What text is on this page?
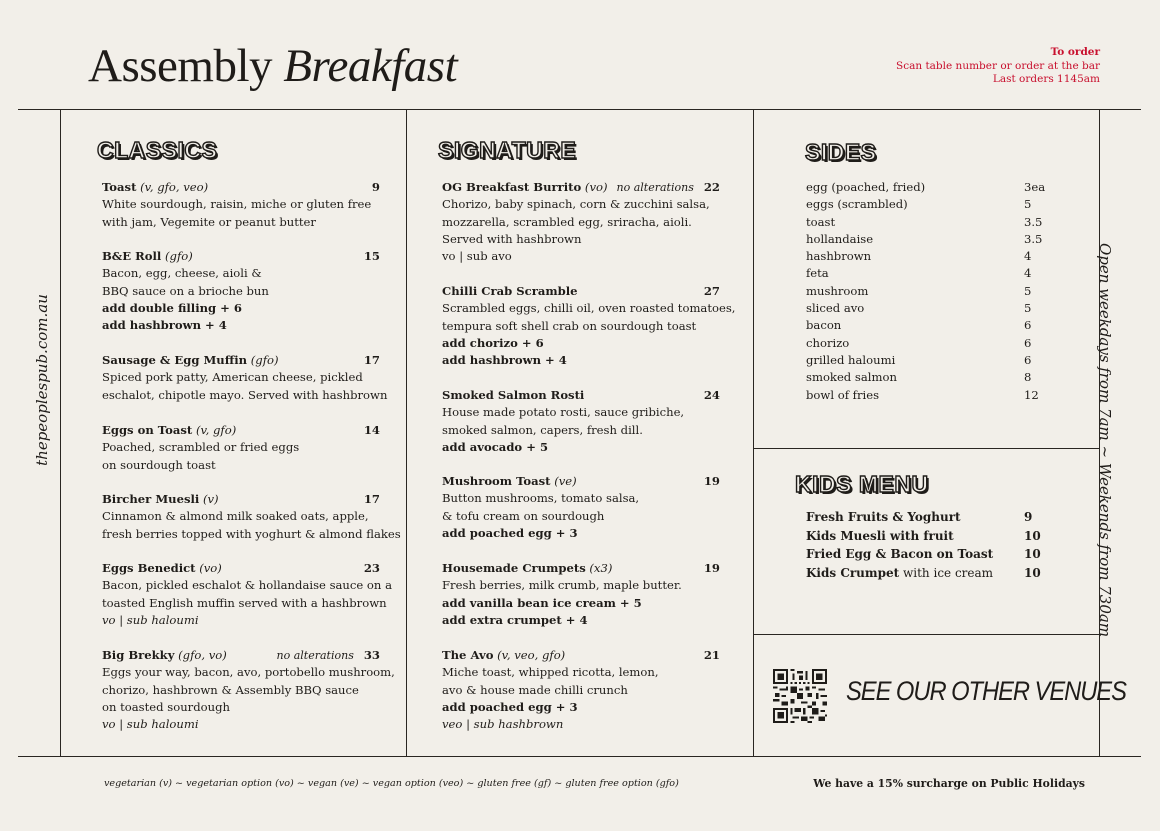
Assembly Breakfast	To order
Scan table number or order at the bar
Last orders 1145am
thepeoplespub.com.au	Open weekdays from 7am ~ Weekends from 730am
CLASSICS	SIGNATURE	SIDES
KIDS MENU
Toast (v, gfo, veo)	9
White sourdough, raisin, miche or gluten free
with jam, Vegemite or peanut butter
B&E Roll (gfo)	15
Bacon, egg, cheese, aioli &
BBQ sauce on a brioche bun
add double filling + 6
add hashbrown + 4
Sausage & Egg Muffin (gfo)	17
Spiced pork patty, American cheese, pickled
eschalot, chipotle mayo. Served with hashbrown
Eggs on Toast (v, gfo)	14
Poached, scrambled or fried eggs
on sourdough toast
Bircher Muesli (v)	17
Cinnamon & almond milk soaked oats, apple,
fresh berries topped with yoghurt & almond flakes
Eggs Benedict (vo)	23
Bacon, pickled eschalot & hollandaise sauce on a
toasted English muffin served with a hashbrown
vo | sub haloumi
Big Brekky (gfo, vo)	no alterations 33
Eggs your way, bacon, avo, portobello mushroom,
chorizo, hashbrown & Assembly BBQ sauce
on toasted sourdough
vo | sub haloumi
OG Breakfast Burrito (vo) no alterations 22
Chorizo, baby spinach, corn & zucchini salsa,
mozzarella, scrambled egg, sriracha, aioli.
Served with hashbrown
vo | sub avo
Chilli Crab Scramble	27
Scrambled eggs, chilli oil, oven roasted tomatoes,
tempura soft shell crab on sourdough toast
add chorizo + 6
add hashbrown + 4
Smoked Salmon Rosti	24
House made potato rosti, sauce gribiche,
smoked salmon, capers, fresh dill.
add avocado + 5
Mushroom Toast (ve)	19
Button mushrooms, tomato salsa,
& tofu cream on sourdough
add poached egg + 3
Housemade Crumpets (x3)	19
Fresh berries, milk crumb, maple butter.
add vanilla bean ice cream + 5
add extra crumpet + 4
The Avo (v, veo, gfo)	21
Miche toast, whipped ricotta, lemon,
avo & house made chilli crunch
add poached egg + 3
veo | sub hashbrown
egg (poached, fried)	3ea
eggs (scrambled)	5
toast	3.5
hollandaise	3.5
hashbrown	4
feta	4
mushroom	5
sliced avo	5
bacon	6
chorizo	6
grilled haloumi	6
smoked salmon	8
bowl of fries	12
Fresh Fruits & Yoghurt	9
Kids Muesli with fruit	10
Fried Egg & Bacon on Toast	10
Kids Crumpet with ice cream	10
SEE OUR OTHER VENUES
vegetarian (v) ~ vegetarian option (vo) ~ vegan (ve) ~ vegan option (veo) ~ gluten free (gf) ~ gluten free option (gfo)	We have a 15% surcharge on Public Holidays
